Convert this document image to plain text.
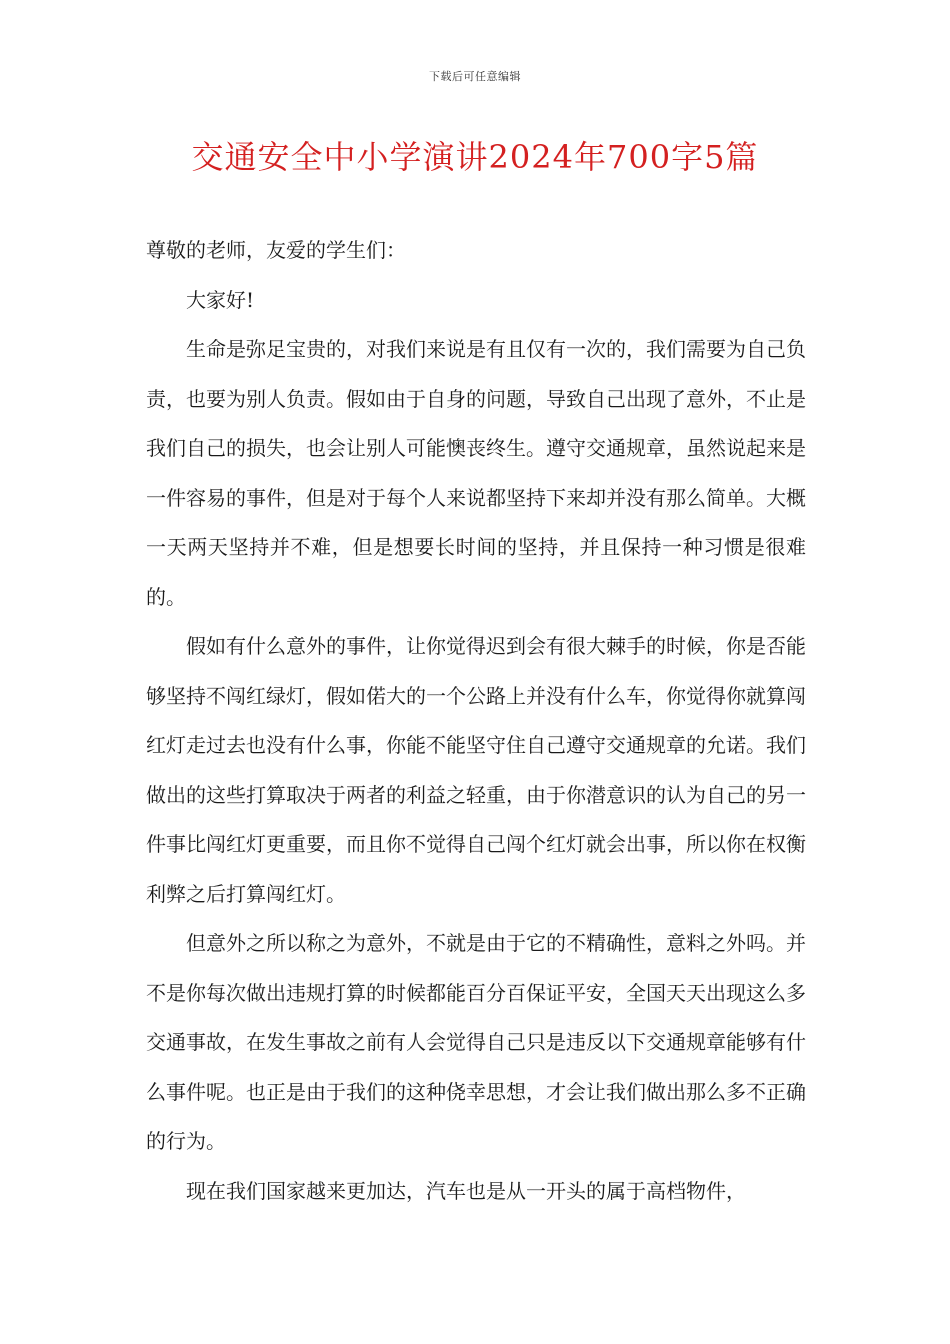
下载后可任意编辑
交通安全中小学演讲2024年700字5篇

尊敬的老师，友爱的学生们：

大家好!

生命是弥足宝贵的，对我们来说是有且仅有一次的，我们需要为自己负责，也要为别人负责。假如由于自身的问题，导致自己出现了意外，不止是我们自己的损失，也会让别人可能懊丧终生。遵守交通规章，虽然说起来是一件容易的事件，但是对于每个人来说都坚持下来却并没有那么简单。大概一天两天坚持并不难，但是想要长时间的坚持，并且保持一种习惯是很难的。

假如有什么意外的事件，让你觉得迟到会有很大棘手的时候，你是否能够坚持不闯红绿灯，假如偌大的一个公路上并没有什么车，你觉得你就算闯红灯走过去也没有什么事，你能不能坚守住自己遵守交通规章的允诺。我们做出的这些打算取决于两者的利益之轻重，由于你潜意识的认为自己的另一件事比闯红灯更重要，而且你不觉得自己闯个红灯就会出事，所以你在权衡利弊之后打算闯红灯。

但意外之所以称之为意外，不就是由于它的不精确性，意料之外吗。并不是你每次做出违规打算的时候都能百分百保证平安，全国天天出现这么多交通事故，在发生事故之前有人会觉得自己只是违反以下交通规章能够有什么事件呢。也正是由于我们的这种侥幸思想，才会让我们做出那么多不正确的行为。

现在我们国家越来更加达，汽车也是从一开头的属于高档物件，
